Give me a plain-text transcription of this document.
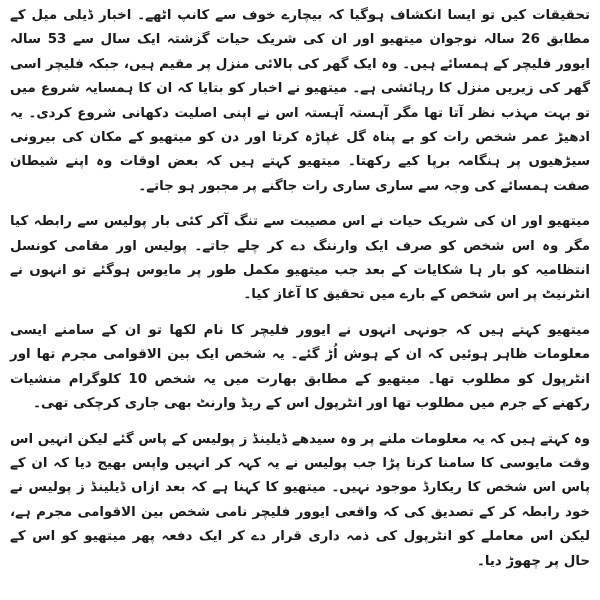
تحقیقات کیں تو ایسا انکشاف ہوگیا کہ بیچارے خوف سے کانپ اٹھے۔ اخبار ڈیلی میل کے مطابق 26 سالہ نوجوان میتھیو اور ان کی شریک حیات گزشتہ ایک سال سے 53 سالہ ایوور فلیچر کے ہمسائے ہیں۔ وہ ایک گھر کی بالائی منزل پر مقیم ہیں، جبکہ فلیچر اسی گھر کی زیریں منزل کا رہائشی ہے۔ میتھیو نے اخبار کو بتایا کہ ان کا ہمسایہ شروع میں تو بہت مہذب نظر آتا تھا مگر آہستہ آہستہ اس نے اپنی اصلیت دکھانی شروع کردی۔ یہ ادھیڑ عمر شخص رات کو بے پناہ گل غپاڑہ کرتا اور دن کو میتھیو کے مکان کی بیرونی سیڑھیوں پر ہنگامہ برپا کیے رکھتا۔ میتھیو کہتے ہیں کہ بعض اوقات وہ اپنے شیطان صفت ہمسائے کی وجہ سے ساری ساری رات جاگنے پر مجبور ہو جاتے۔

میتھیو اور ان کی شریک حیات نے اس مصیبت سے تنگ آکر کئی بار پولیس سے رابطہ کیا مگر وہ اس شخص کو صرف ایک وارننگ دے کر چلے جاتے۔ پولیس اور مقامی کونسل انتظامیہ کو بار ہا شکایات کے بعد جب میتھیو مکمل طور پر مایوس ہوگئے تو انہوں نے انٹرنیٹ پر اس شخص کے بارے میں تحقیق کا آغاز کیا۔

میتھیو کہتے ہیں کہ جونہی انہوں نے ایوور فلیچر کا نام لکھا تو ان کے سامنے ایسی معلومات ظاہر ہوئیں کہ ان کے ہوش اُڑ گئے۔ یہ شخص ایک بین الاقوامی مجرم تھا اور انٹرپول کو مطلوب تھا۔ میتھیو کے مطابق بھارت میں یہ شخص 10 کلوگرام منشیات رکھنے کے جرم میں مطلوب تھا اور انٹرپول اس کے ریڈ وارنٹ بھی جاری کرچکی تھی۔

وہ کہتے ہیں کہ یہ معلومات ملنے پر وہ سیدھے ڈیلینڈ ز پولیس کے پاس گئے لیکن انہیں اس وقت مایوسی کا سامنا کرنا پڑا جب پولیس نے یہ کہہ کر انہیں واپس بھیج دیا کہ ان کے پاس اس شخص کا ریکارڈ موجود نہیں۔ میتھیو کا کہنا ہے کہ بعد ازاں ڈیلینڈ ز پولیس نے خود رابطہ کر کے تصدیق کی کہ واقعی ایوور فلیچر نامی شخص بین الاقوامی مجرم ہے، لیکن اس معاملے کو انٹرپول کی ذمہ داری قرار دے کر ایک دفعہ پھر میتھیو کو اس کے حال پر چھوڑ دیا۔
